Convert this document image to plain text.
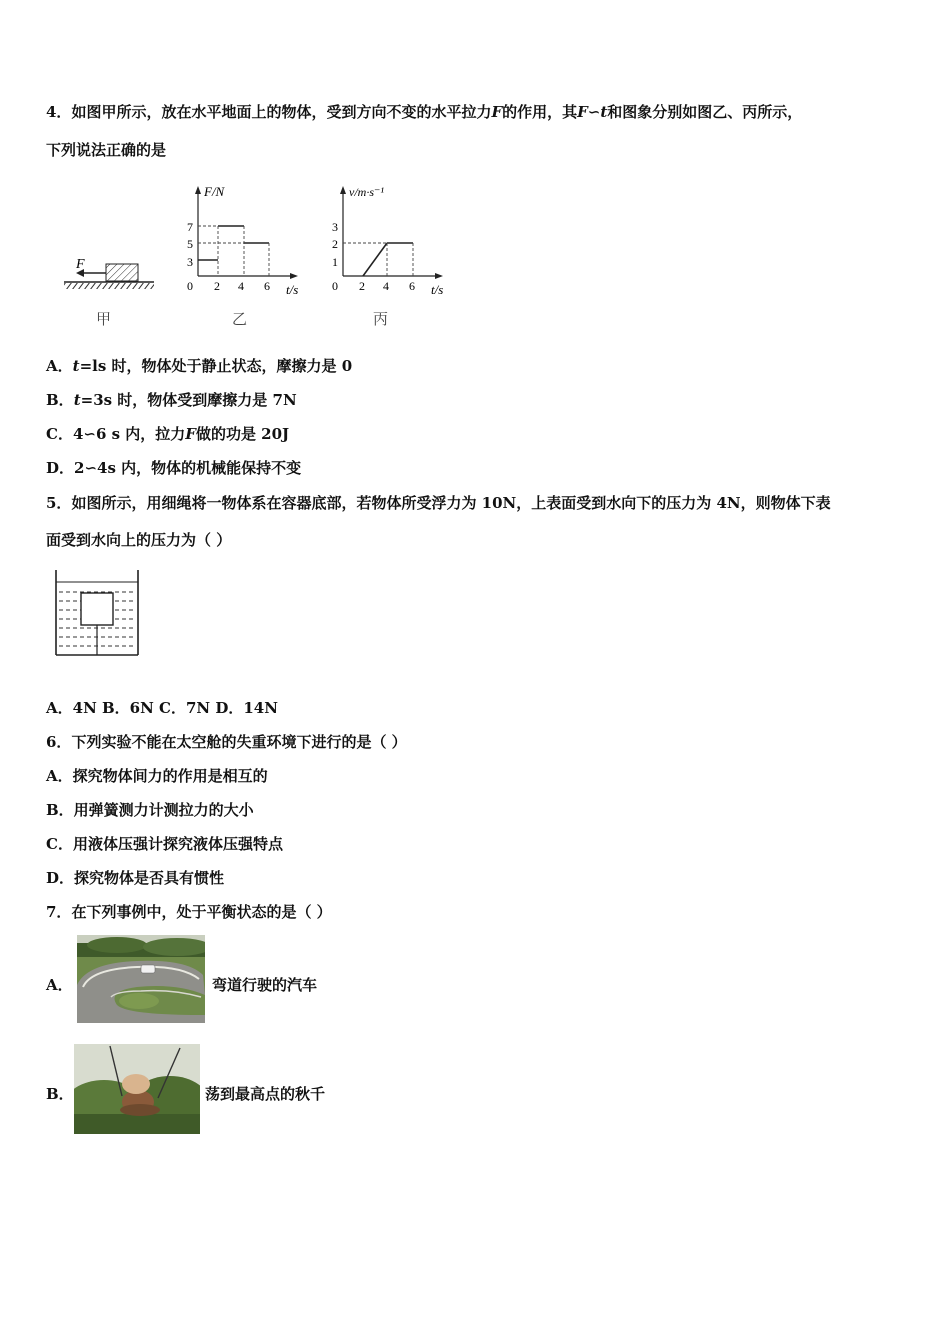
4．如图甲所示，放在水平地面上的物体，受到方向不变的水平拉力F的作用，其F∽t和图象分别如图乙、丙所示，
下列说法正确的是
F
甲
F/N
t/s
0
3
5
7
2 4 6
乙
v/m·s⁻¹
t/s
0
1
2
3
2 4 6
丙
A．t=ls 时，物体处于静止状态，摩擦力是 0
B．t=3s 时，物体受到摩擦力是 7N
C．4∽6 s 内，拉力F做的功是 20J
D．2∽4s 内，物体的机械能保持不变
5．如图所示，用细绳将一物体系在容器底部，若物体所受浮力为 10N，上表面受到水向下的压力为 4N，则物体下表
面受到水向上的压力为（ ）
A．4N B．6N C．7N D．14N
6．下列实验不能在太空舱的失重环境下进行的是（ ）
A．探究物体间力的作用是相互的
B．用弹簧测力计测拉力的大小
C．用液体压强计探究液体压强特点
D．探究物体是否具有惯性
7．在下列事例中，处于平衡状态的是（ ）
A．	弯道行驶的汽车
B．	荡到最高点的秋千
